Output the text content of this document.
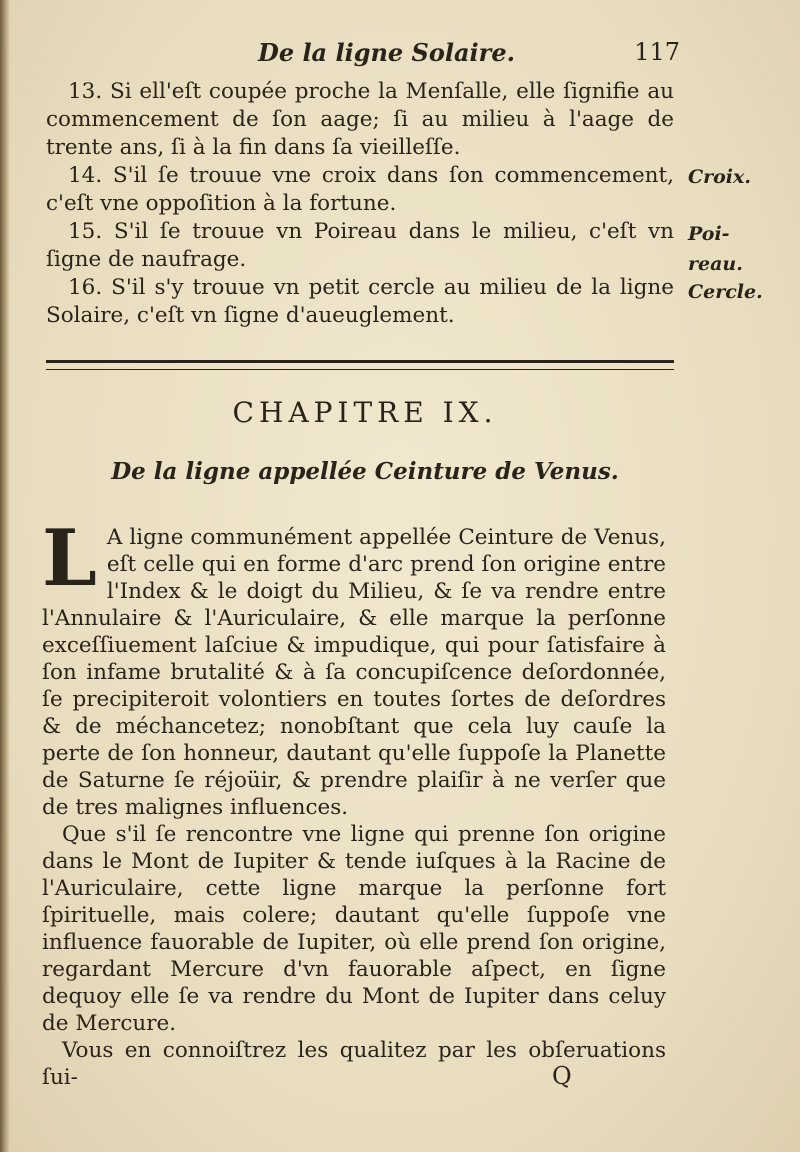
De la ligne Solaire.	117

13. Si ell'eſt coupée proche la Menſalle, elle ſignifie au commencement de ſon aage; ſi au milieu à l'aage de trente ans, ſi à la fin dans ſa vieilleſſe.

14. S'il ſe trouue vne croix dans ſon commencement, c'eſt vne oppoſition à la fortune.

15. S'il ſe trouue vn Poireau dans le milieu, c'eſt vn ſigne de naufrage.

16. S'il s'y trouue vn petit cercle au milieu de la ligne Solaire, c'eſt vn ſigne d'aueuglement.

Croix.
Poi-
reau.
Cercle.
CHAPITRE IX.
De la ligne appellée Ceinture de Venus.
L A ligne communément appellée Ceinture de Venus, eſt celle qui en forme d'arc prend ſon origine entre l'Index & le doigt du Milieu, & ſe va rendre entre l'Annulaire & l'Auriculaire, & elle marque la perſonne exceſſiuement laſciue & impudique, qui pour ſatisfaire à ſon infame brutalité & à ſa concupiſcence deſordonnée, ſe precipiteroit volontiers en toutes ſortes de deſordres & de méchancetez; nonobſtant que cela luy cauſe la perte de ſon honneur, dautant qu'elle ſuppoſe la Planette de Saturne ſe réjoüir, & prendre plaiſir à ne verſer que de tres malignes influences.

Que s'il ſe rencontre vne ligne qui prenne ſon origine dans le Mont de Iupiter & tende iuſques à la Racine de l'Auriculaire, cette ligne marque la perſonne fort ſpirituelle, mais colere; dautant qu'elle ſuppoſe vne influence fauorable de Iupiter, où elle prend ſon origine, regardant Mercure d'vn fauorable aſpect, en ſigne dequoy elle ſe va rendre du Mont de Iupiter dans celuy de Mercure.

Vous en connoiſtrez les qualitez par les obſeruations ſui-	Q
